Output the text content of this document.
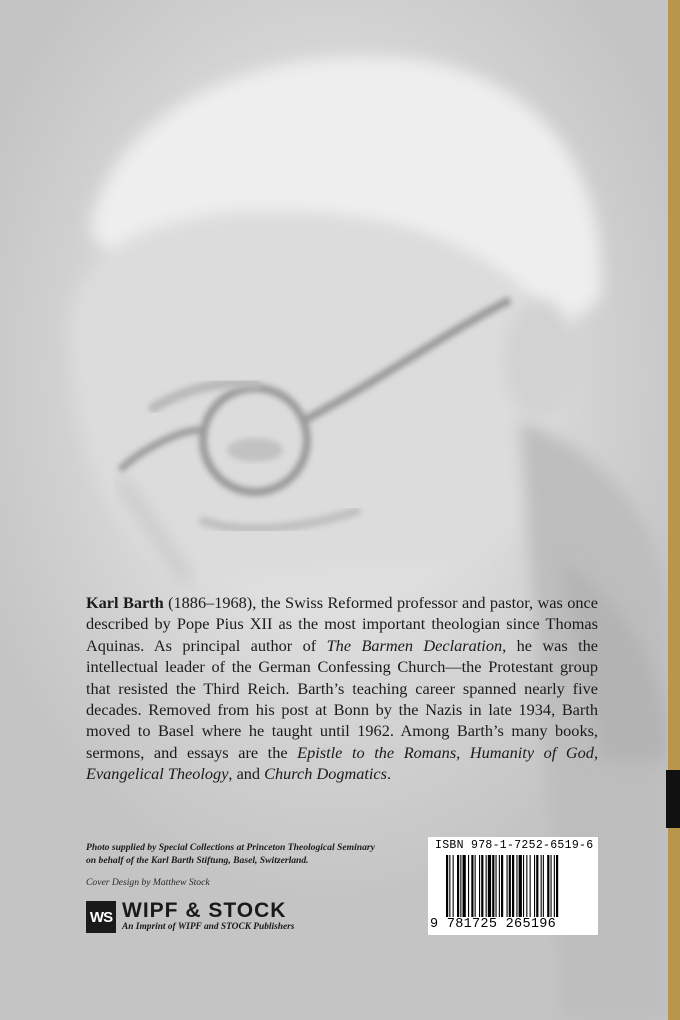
Karl Barth (1886–1968), the Swiss Reformed professor and pastor, was once described by Pope Pius XII as the most important theologian since Thomas Aquinas. As principal author of The Barmen Declaration, he was the intellectual leader of the German Confessing Church—the Protestant group that resisted the Third Reich. Barth’s teaching career spanned nearly five decades. Removed from his post at Bonn by the Nazis in late 1934, Barth moved to Basel where he taught until 1962. Among Barth’s many books, sermons, and essays are the Epistle to the Romans, Humanity of God, Evangelical Theology, and Church Dogmatics.

Photo supplied by Special Collections at Princeton Theological Seminary on behalf of the Karl Barth Stiftung, Basel, Switzerland.

Cover Design by Matthew Stock

WS WIPF & STOCK
An Imprint of WIPF and STOCK Publishers
ISBN 978-1-7252-6519-6
9 781725 265196
